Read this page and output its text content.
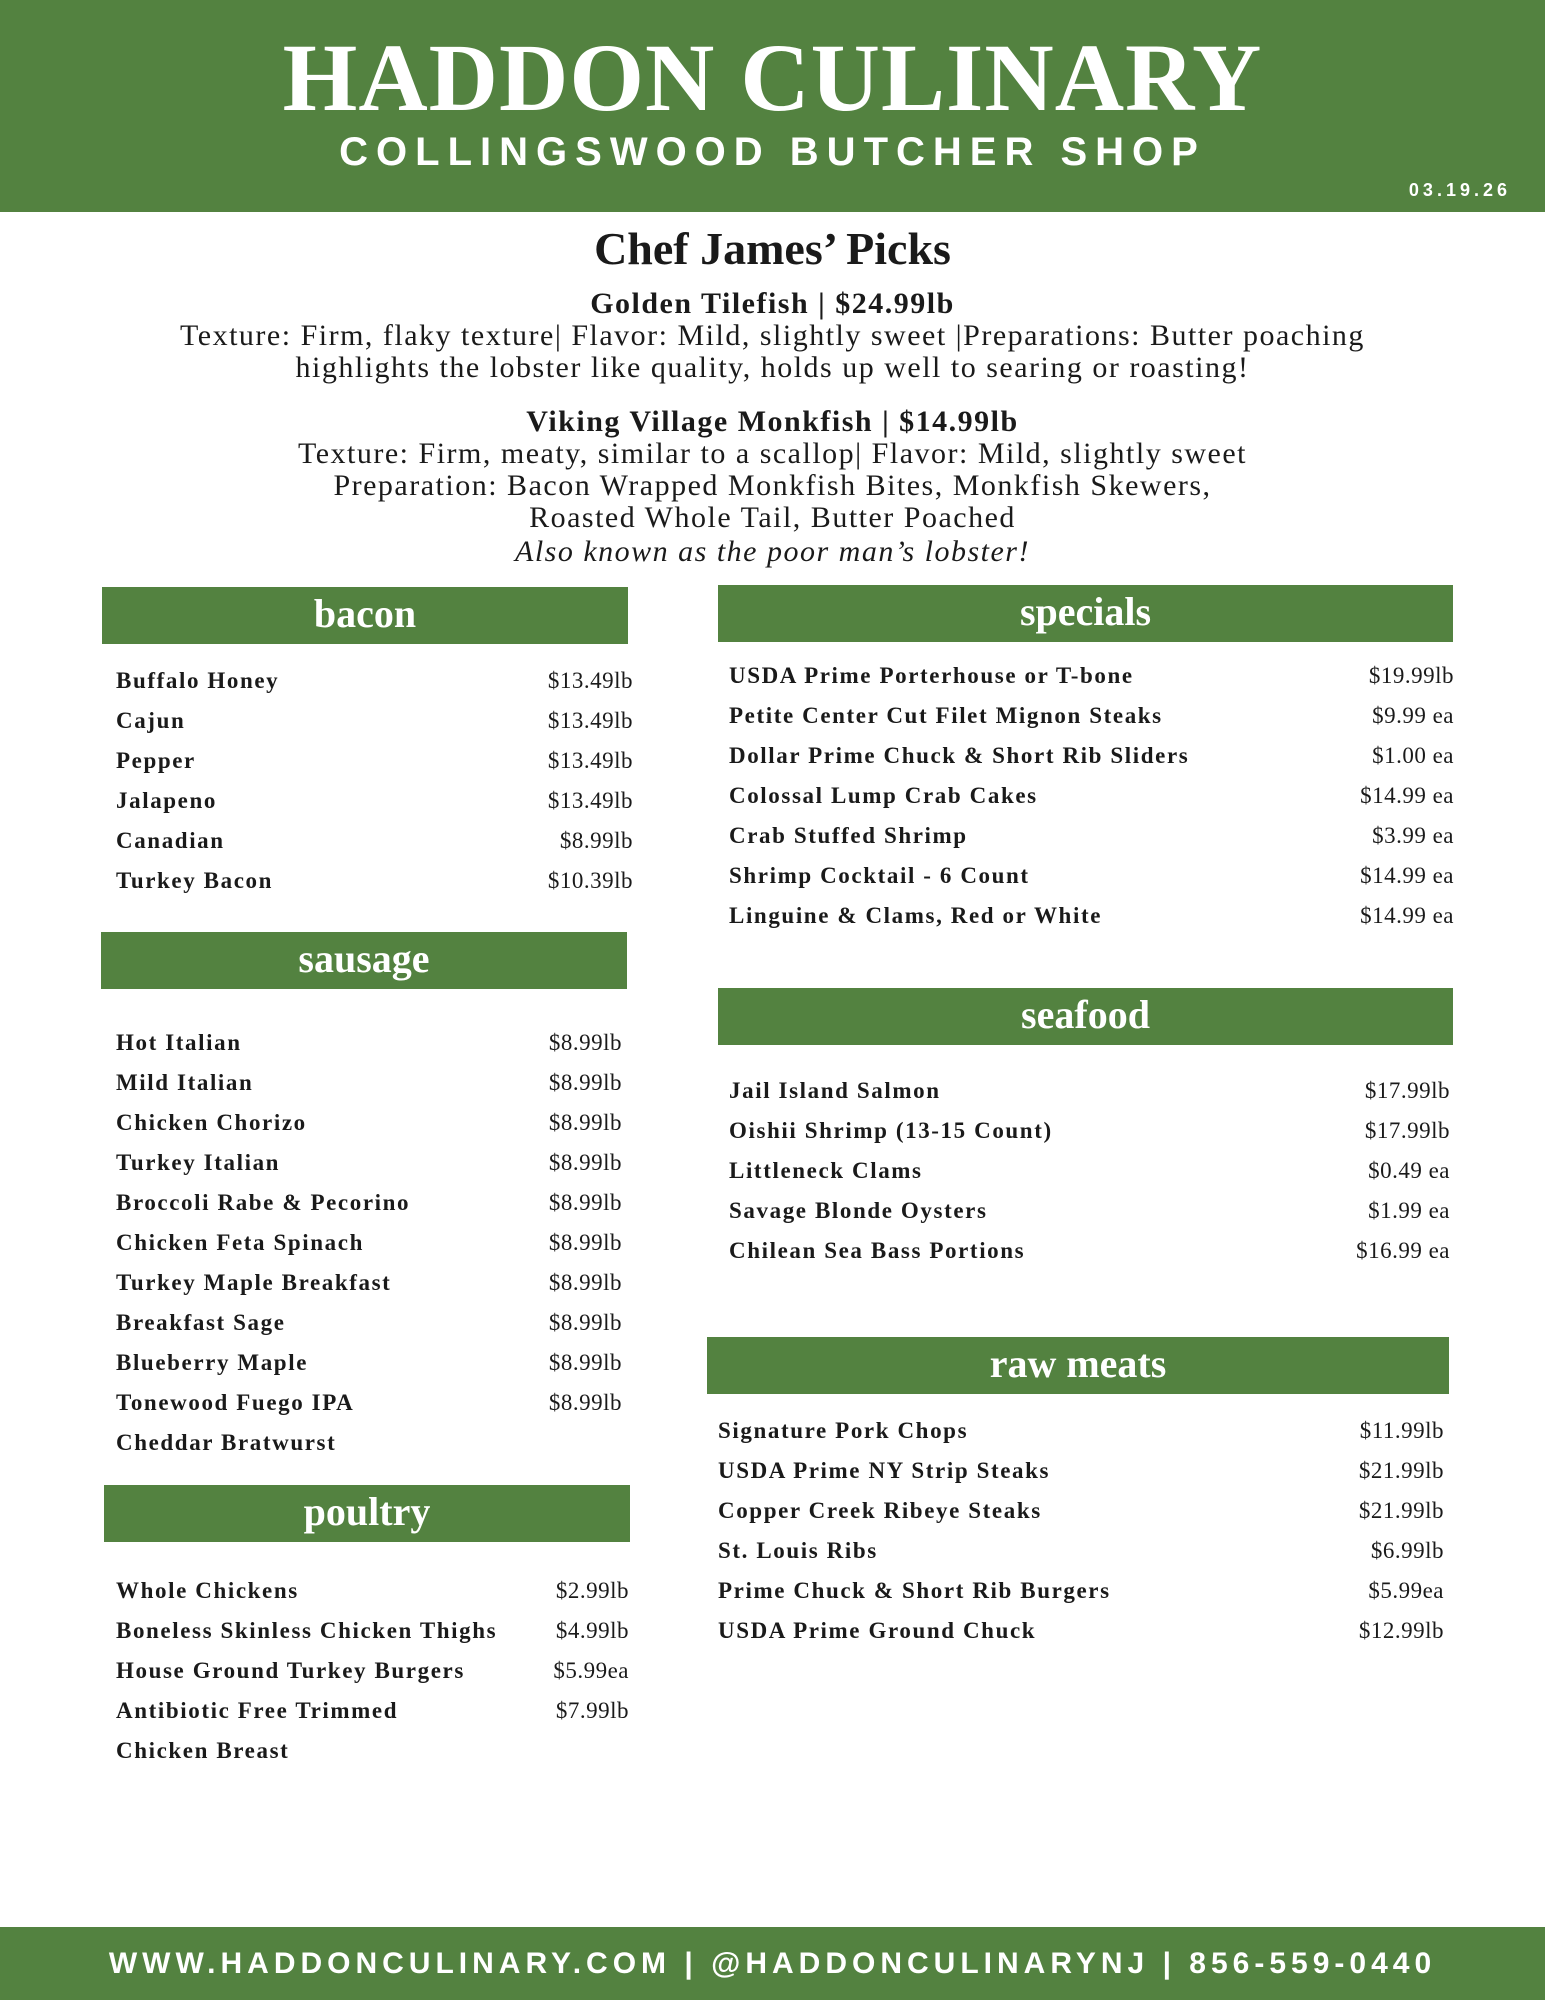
HADDON CULINARY
COLLINGSWOOD BUTCHER SHOP
03.19.26
Chef James’ Picks
Golden Tilefish | $24.99lb
Texture: Firm, flaky texture| Flavor: Mild, slightly sweet |Preparations: Butter poaching
highlights the lobster like quality, holds up well to searing or roasting!
Viking Village Monkfish | $14.99lb
Texture: Firm, meaty, similar to a scallop| Flavor: Mild, slightly sweet
Preparation: Bacon Wrapped Monkfish Bites, Monkfish Skewers,
Roasted Whole Tail, Butter Poached
Also known as the poor man’s lobster!
bacon
Buffalo Honey	$13.49lb
Cajun	$13.49lb
Pepper	$13.49lb
Jalapeno	$13.49lb
Canadian	$8.99lb
Turkey Bacon	$10.39lb
sausage
Hot Italian	$8.99lb
Mild Italian	$8.99lb
Chicken Chorizo	$8.99lb
Turkey Italian	$8.99lb
Broccoli Rabe & Pecorino	$8.99lb
Chicken Feta Spinach	$8.99lb
Turkey Maple Breakfast	$8.99lb
Breakfast Sage	$8.99lb
Blueberry Maple	$8.99lb
Tonewood Fuego IPA	$8.99lb
Cheddar Bratwurst
poultry
Whole Chickens	$2.99lb
Boneless Skinless Chicken Thighs	$4.99lb
House Ground Turkey Burgers	$5.99ea
Antibiotic Free Trimmed	$7.99lb
Chicken Breast
specials
USDA Prime Porterhouse or T-bone	$19.99lb
Petite Center Cut Filet Mignon Steaks	$9.99 ea
Dollar Prime Chuck & Short Rib Sliders	$1.00 ea
Colossal Lump Crab Cakes	$14.99 ea
Crab Stuffed Shrimp	$3.99 ea
Shrimp Cocktail - 6 Count	$14.99 ea
Linguine & Clams, Red or White	$14.99 ea
seafood
Jail Island Salmon	$17.99lb
Oishii Shrimp (13-15 Count)	$17.99lb
Littleneck Clams	$0.49 ea
Savage Blonde Oysters	$1.99 ea
Chilean Sea Bass Portions	$16.99 ea
raw meats
Signature Pork Chops	$11.99lb
USDA Prime NY Strip Steaks	$21.99lb
Copper Creek Ribeye Steaks	$21.99lb
St. Louis Ribs	$6.99lb
Prime Chuck & Short Rib Burgers	$5.99ea
USDA Prime Ground Chuck	$12.99lb
WWW.HADDONCULINARY.COM | @HADDONCULINARYNJ | 856-559-0440
